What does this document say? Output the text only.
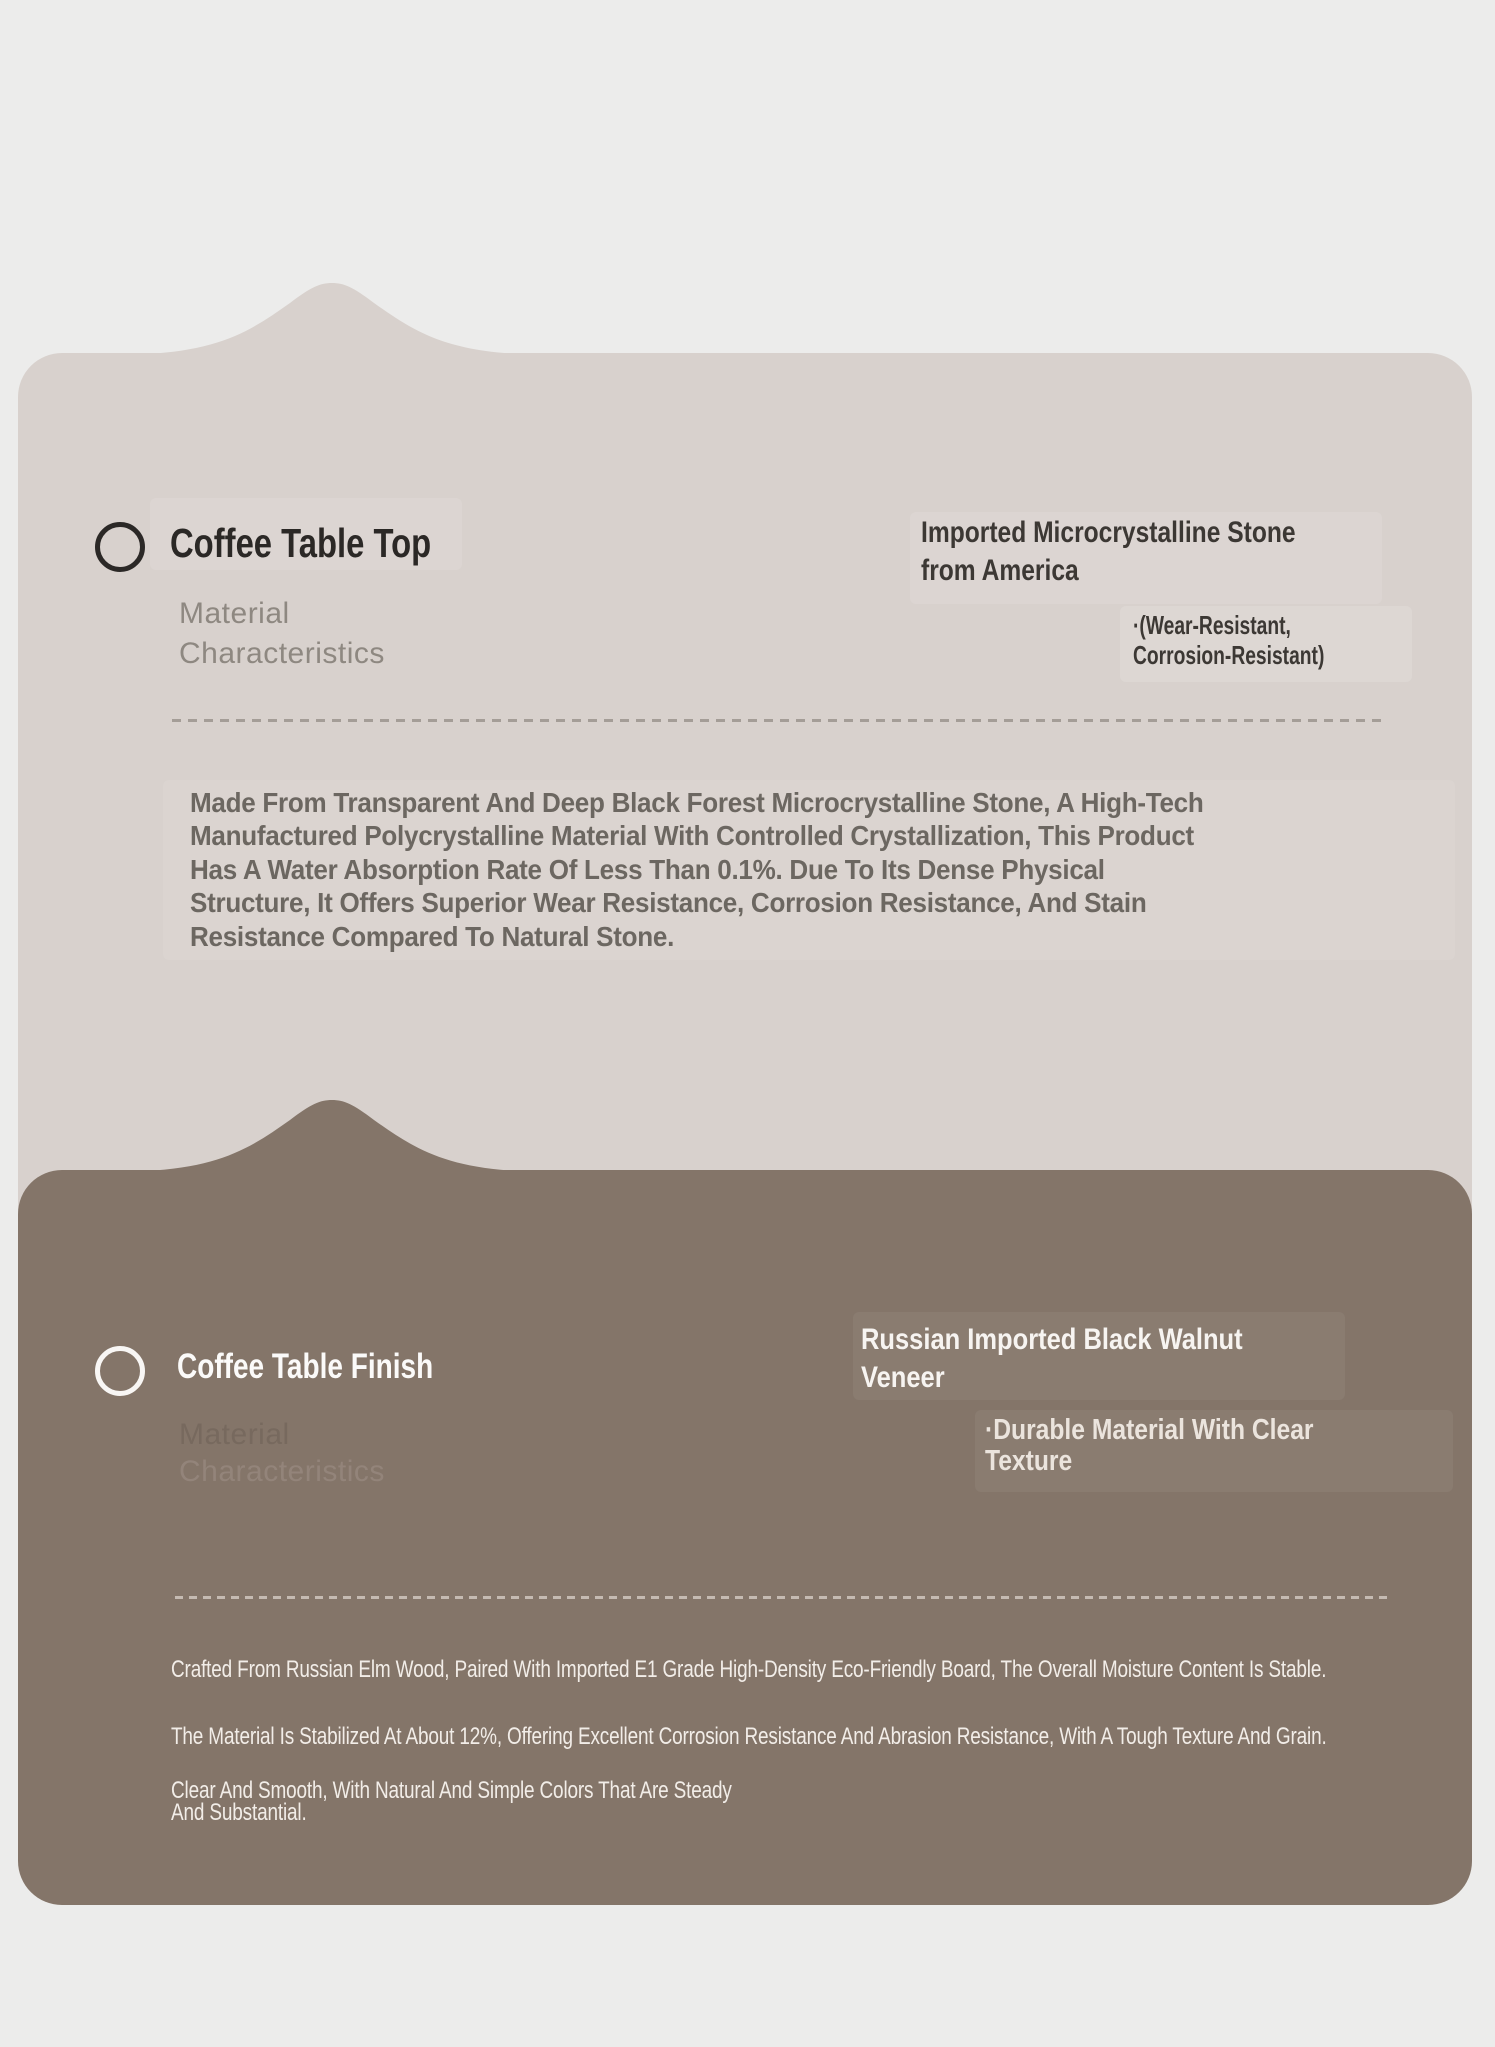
Coffee Table Top
Material
Characteristics
Imported Microcrystalline Stone
from America
·(Wear-Resistant,
Corrosion-Resistant)
Made From Transparent And Deep Black Forest Microcrystalline Stone, A High-Tech
Manufactured Polycrystalline Material With Controlled Crystallization, This Product
Has A Water Absorption Rate Of Less Than 0.1%. Due To Its Dense Physical
Structure, It Offers Superior Wear Resistance, Corrosion Resistance, And Stain
Resistance Compared To Natural Stone.
Coffee Table Finish
Material
Characteristics
Russian Imported Black Walnut
Veneer
·Durable Material With Clear
Texture
Crafted From Russian Elm Wood, Paired With Imported E1 Grade High-Density Eco-Friendly Board, The Overall Moisture Content Is Stable.
The Material Is Stabilized At About 12%, Offering Excellent Corrosion Resistance And Abrasion Resistance, With A Tough Texture And Grain.
Clear And Smooth, With Natural And Simple Colors That Are Steady
And Substantial.
